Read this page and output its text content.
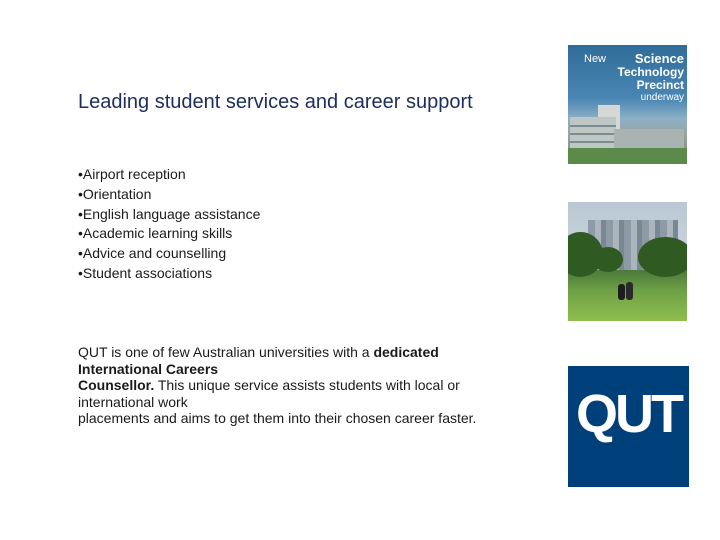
Leading student services and career support
•Airport reception
•Orientation
•English language assistance
•Academic learning skills
•Advice and counselling
•Student associations
QUT is one of few Australian universities with a dedicated
International Careers
Counsellor. This unique service assists students with local or
international work
placements and aims to get them into their chosen career faster.
New Science
Technology
Precinct
underway
QUT
